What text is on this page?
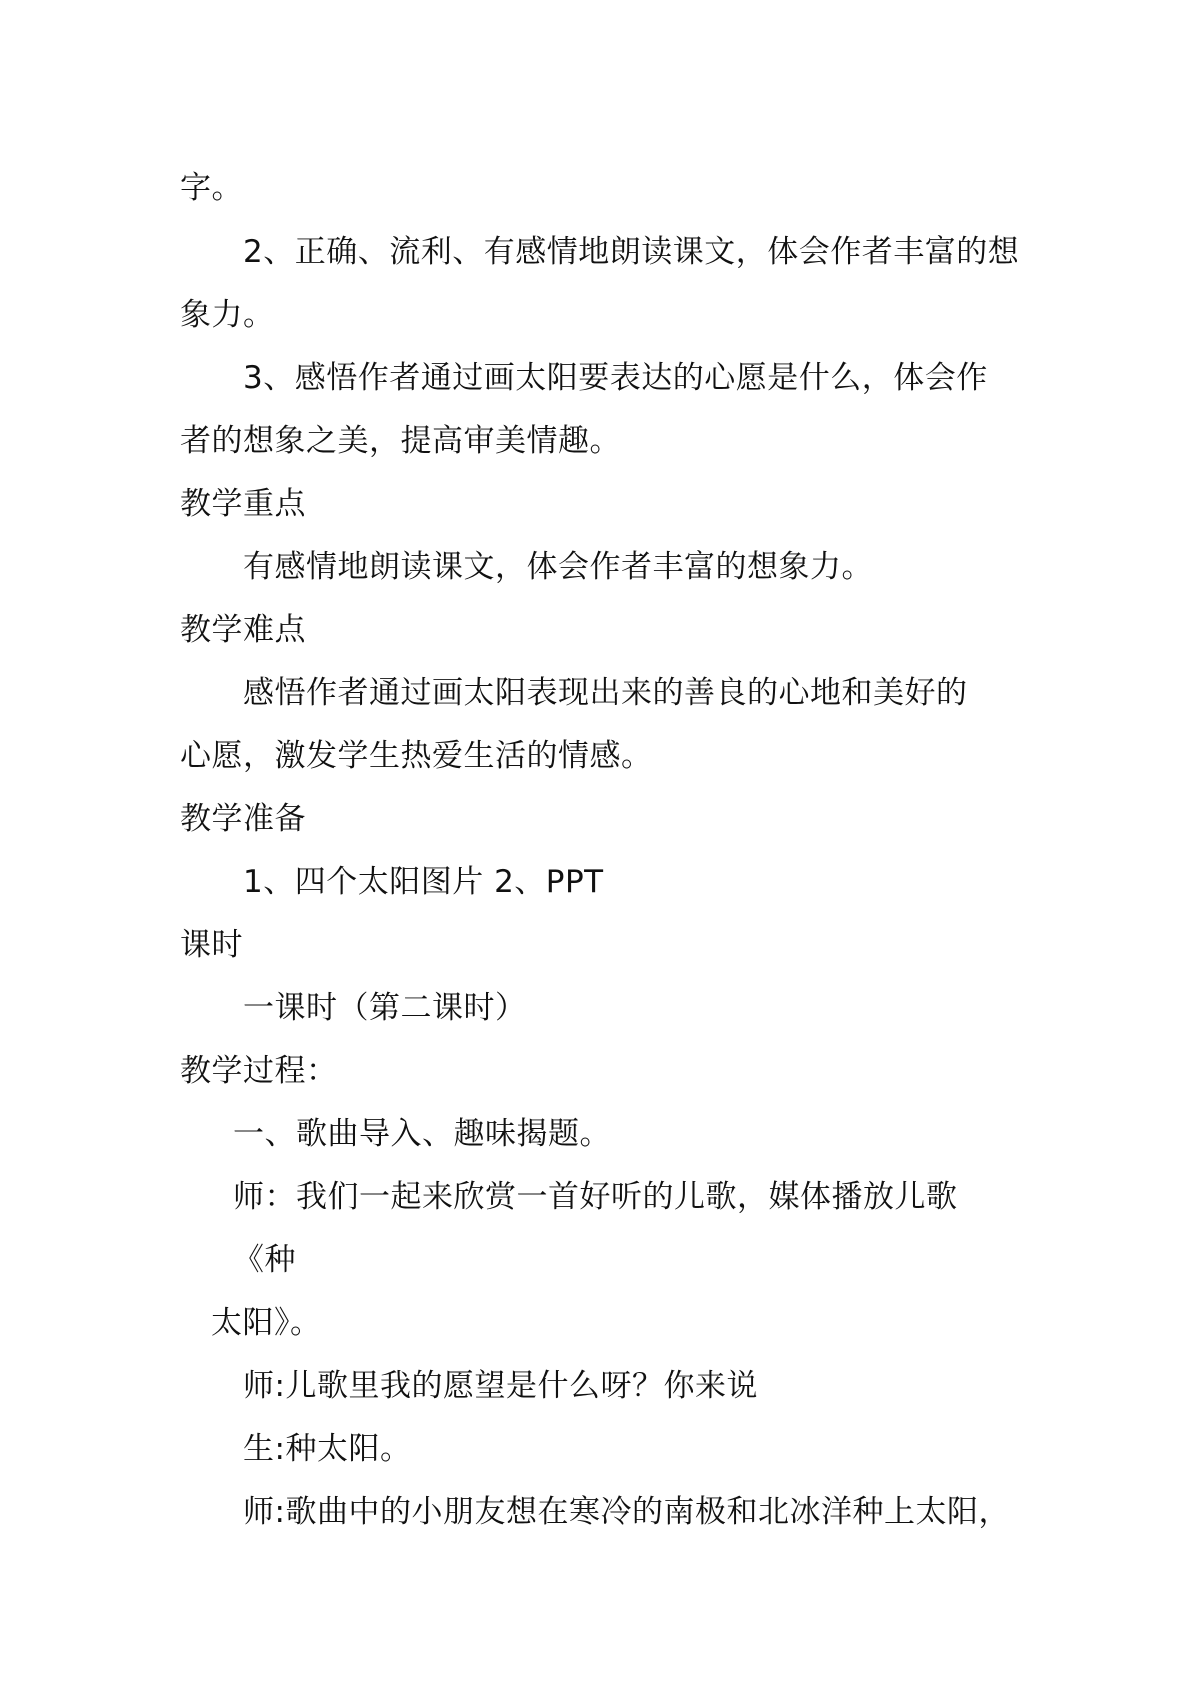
字。
2、正确、流利、有感情地朗读课文，体会作者丰富的想
象力。
3、感悟作者通过画太阳要表达的心愿是什么，体会作
者的想象之美，提高审美情趣。
教学重点
有感情地朗读课文，体会作者丰富的想象力。
教学难点
感悟作者通过画太阳表现出来的善良的心地和美好的
心愿，激发学生热爱生活的情感。
教学准备
1、四个太阳图片 2、PPT
课时
一课时（第二课时）
教学过程：
一、歌曲导入、趣味揭题。
师：我们一起来欣赏一首好听的儿歌，媒体播放儿歌
《种
太阳》。
师:儿歌里我的愿望是什么呀？你来说
生:种太阳。
师:歌曲中的小朋友想在寒冷的南极和北冰洋种上太阳，
